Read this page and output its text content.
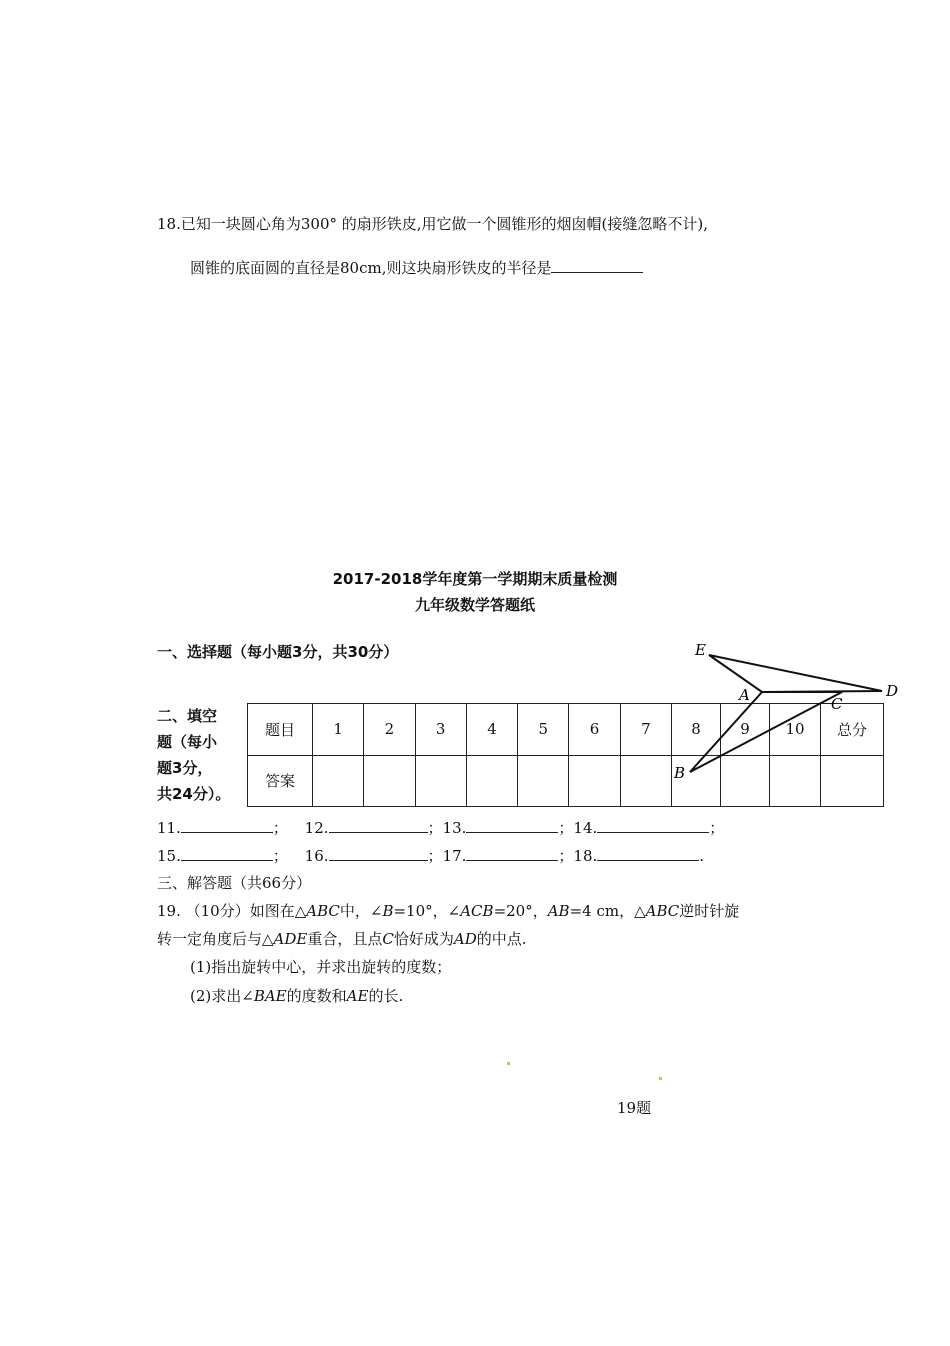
18.已知一块圆心角为300° 的扇形铁皮,用它做一个圆锥形的烟囱帽(接缝忽略不计),
圆锥的底面圆的直径是80cm,则这块扇形铁皮的半径是
2017-2018学年度第一学期期末质量检测
九年级数学答题纸
一、选择题（每小题3分，共30分）
二、填空
题（每小
题3分，
共24分）。
题目	1	2	3	4	5	6	7	8	9	10	总分
答案											
E
A	C
D
B
11.	； 12.	；13.	；14.	；
15.	； 16.	；17.	；18.	.
三、解答题（共66分）
19. （10分）如图在△ABC中，∠B=10°，∠ACB=20°，AB=4 cm，△ABC逆时针旋
转一定角度后与△ADE重合，且点C恰好成为AD的中点.
(1)指出旋转中心，并求出旋转的度数；
(2)求出∠BAE的度数和AE的长.
19题
